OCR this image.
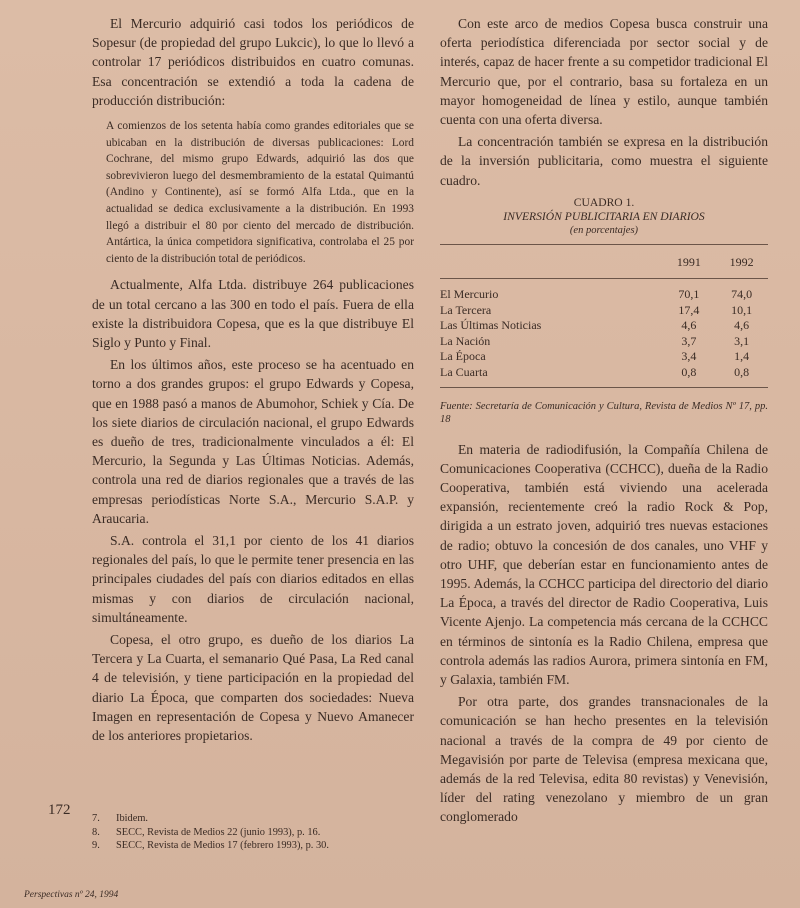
El Mercurio adquirió casi todos los periódicos de Sopesur (de propiedad del grupo Lukcic), lo que lo llevó a controlar 17 periódicos distribuidos en cuatro comunas. Esa concentración se extendió a toda la cadena de producción distribución:

A comienzos de los setenta había como grandes editoriales que se ubicaban en la distribución de diversas publicaciones: Lord Cochrane, del mismo grupo Edwards, adquirió las dos que sobrevivieron luego del desmembramiento de la estatal Quimantú (Andino y Continente), así se formó Alfa Ltda., que en la actualidad se dedica exclusivamente a la distribución. En 1993 llegó a distribuir el 80 por ciento del mercado de distribución. Antártica, la única competidora significativa, controlaba el 25 por ciento de la distribución total de periódicos.

Actualmente, Alfa Ltda. distribuye 264 publicaciones de un total cercano a las 300 en todo el país. Fuera de ella existe la distribuidora Copesa, que es la que distribuye El Siglo y Punto y Final.

En los últimos años, este proceso se ha acentuado en torno a dos grandes grupos: el grupo Edwards y Copesa, que en 1988 pasó a manos de Abumohor, Schiek y Cía. De los siete diarios de circulación nacional, el grupo Edwards es dueño de tres, tradicionalmente vinculados a él: El Mercurio, la Segunda y Las Últimas Noticias. Además, controla una red de diarios regionales que a través de las empresas periodísticas Norte S.A., Mercurio S.A.P. y Araucaria.

S.A. controla el 31,1 por ciento de los 41 diarios regionales del país, lo que le permite tener presencia en las principales ciudades del país con diarios editados en ellas mismas y con diarios de circulación nacional, simultáneamente.

Copesa, el otro grupo, es dueño de los diarios La Tercera y La Cuarta, el semanario Qué Pasa, La Red canal 4 de televisión, y tiene participación en la propiedad del diario La Época, que comparten dos sociedades: Nueva Imagen en representación de Copesa y Nuevo Amanecer de los anteriores propietarios.

Con este arco de medios Copesa busca construir una oferta periodística diferenciada por sector social y de interés, capaz de hacer frente a su competidor tradicional El Mercurio que, por el contrario, basa su fortaleza en un mayor homogeneidad de línea y estilo, aunque también cuenta con una oferta diversa.

La concentración también se expresa en la distribución de la inversión publicitaria, como muestra el siguiente cuadro.

CUADRO 1.
INVERSIÓN PUBLICITARIA EN DIARIOS
(en porcentajes)
	1991	1992
El Mercurio	70,1	74,0
La Tercera	17,4	10,1
Las Últimas Noticias	4,6	4,6
La Nación	3,7	3,1
La Época	3,4	1,4
La Cuarta	0,8	0,8
Fuente: Secretaría de Comunicación y Cultura, Revista de Medios Nº 17, pp. 18

En materia de radiodifusión, la Compañía Chilena de Comunicaciones Cooperativa (CCHCC), dueña de la Radio Cooperativa, también está viviendo una acelerada expansión, recientemente creó la radio Rock & Pop, dirigida a un estrato joven, adquirió tres nuevas estaciones de radio; obtuvo la concesión de dos canales, uno VHF y otro UHF, que deberían estar en funcionamiento antes de 1995. Además, la CCHCC participa del directorio del diario La Época, a través del director de Radio Cooperativa, Luis Vicente Ajenjo. La competencia más cercana de la CCHCC en términos de sintonía es la Radio Chilena, empresa que controla además las radios Aurora, primera sintonía en FM, y Galaxia, también FM.

Por otra parte, dos grandes transnacionales de la comunicación se han hecho presentes en la televisión nacional a través de la compra de 49 por ciento de Megavisión por parte de Televisa (empresa mexicana que, además de la red Televisa, edita 80 revistas) y Venevisión, líder del rating venezolano y miembro de un gran conglomerado

172
7. Ibidem.
8. SECC, Revista de Medios 22 (junio 1993), p. 16.
9. SECC, Revista de Medios 17 (febrero 1993), p. 30.
Perspectivas nº 24, 1994
